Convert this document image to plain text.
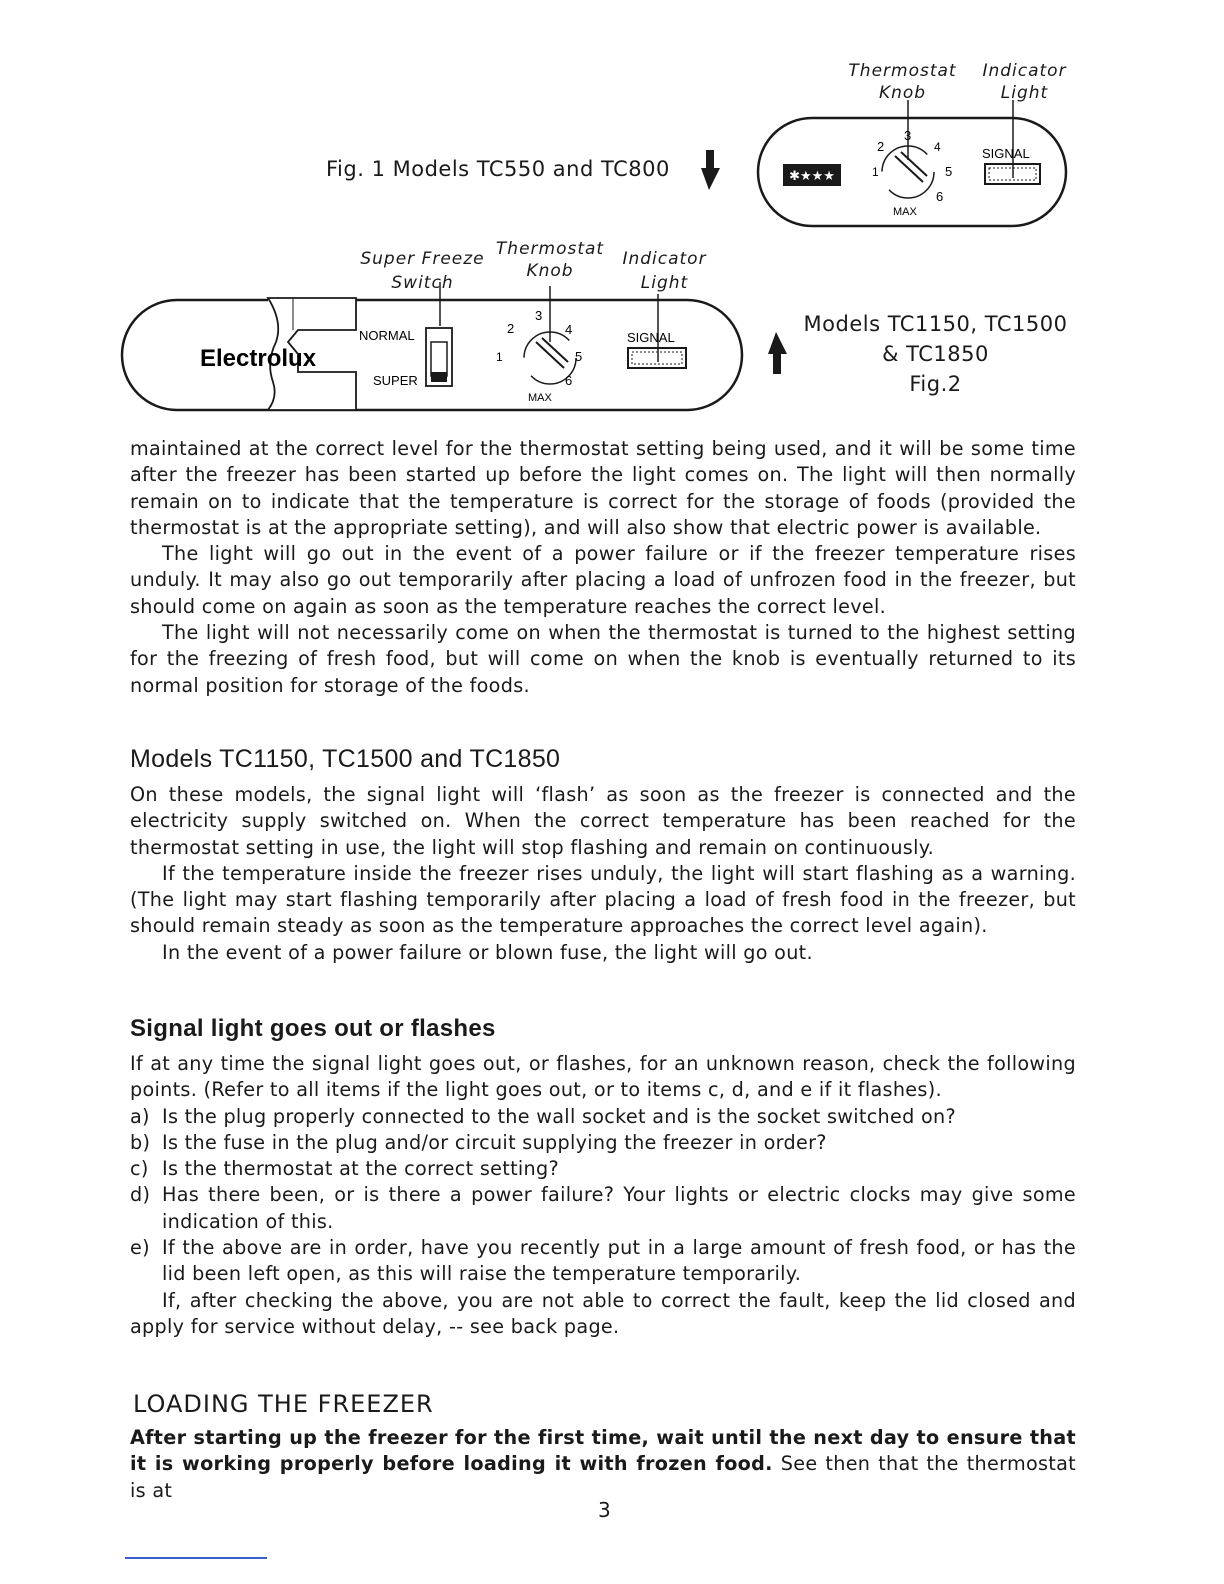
Thermostat
Knob
Indicator
Light
Fig. 1 Models TC550 and TC800	✱★★★	1
2
3
4
5
6
MAX
SIGNAL
Super Freeze
Switch
Thermostat
Knob
Indicator
Light
Electrolux
NORMAL
SUPER
1
2
3
4
5
6
MAX
SIGNAL
Models TC1150, TC1500
& TC1850
Fig.2

maintained at the correct level for the thermostat setting being used, and it will be some time after the freezer has been started up before the light comes on. The light will then normally remain on to indicate that the temperature is correct for the storage of foods (provided the thermostat is at the appropriate setting), and will also show that electric power is available.

The light will go out in the event of a power failure or if the freezer temperature rises unduly. It may also go out temporarily after placing a load of unfrozen food in the freezer, but should come on again as soon as the temperature reaches the correct level.

The light will not necessarily come on when the thermostat is turned to the highest setting for the freezing of fresh food, but will come on when the knob is eventually returned to its normal position for storage of the foods.

Models TC1150, TC1500 and TC1850

On these models, the signal light will ‘flash’ as soon as the freezer is connected and the electricity supply switched on. When the correct temperature has been reached for the thermostat setting in use, the light will stop flashing and remain on continuously.

If the temperature inside the freezer rises unduly, the light will start flashing as a warning. (The light may start flashing temporarily after placing a load of fresh food in the freezer, but should remain steady as soon as the temperature approaches the correct level again).

In the event of a power failure or blown fuse, the light will go out.

Signal light goes out or flashes

If at any time the signal light goes out, or flashes, for an unknown reason, check the following points. (Refer to all items if the light goes out, or to items c, d, and e if it flashes).

a) Is the plug properly connected to the wall socket and is the socket switched on?
b) Is the fuse in the plug and/or circuit supplying the freezer in order?
c) Is the thermostat at the correct setting?
d) Has there been, or is there a power failure? Your lights or electric clocks may give some indication of this.
e) If the above are in order, have you recently put in a large amount of fresh food, or has the lid been left open, as this will raise the temperature temporarily.

If, after checking the above, you are not able to correct the fault, keep the lid closed and apply for service without delay, -- see back page.

LOADING THE FREEZER

After starting up the freezer for the first time, wait until the next day to ensure that it is working properly before loading it with frozen food. See then that the thermostat is at

3
